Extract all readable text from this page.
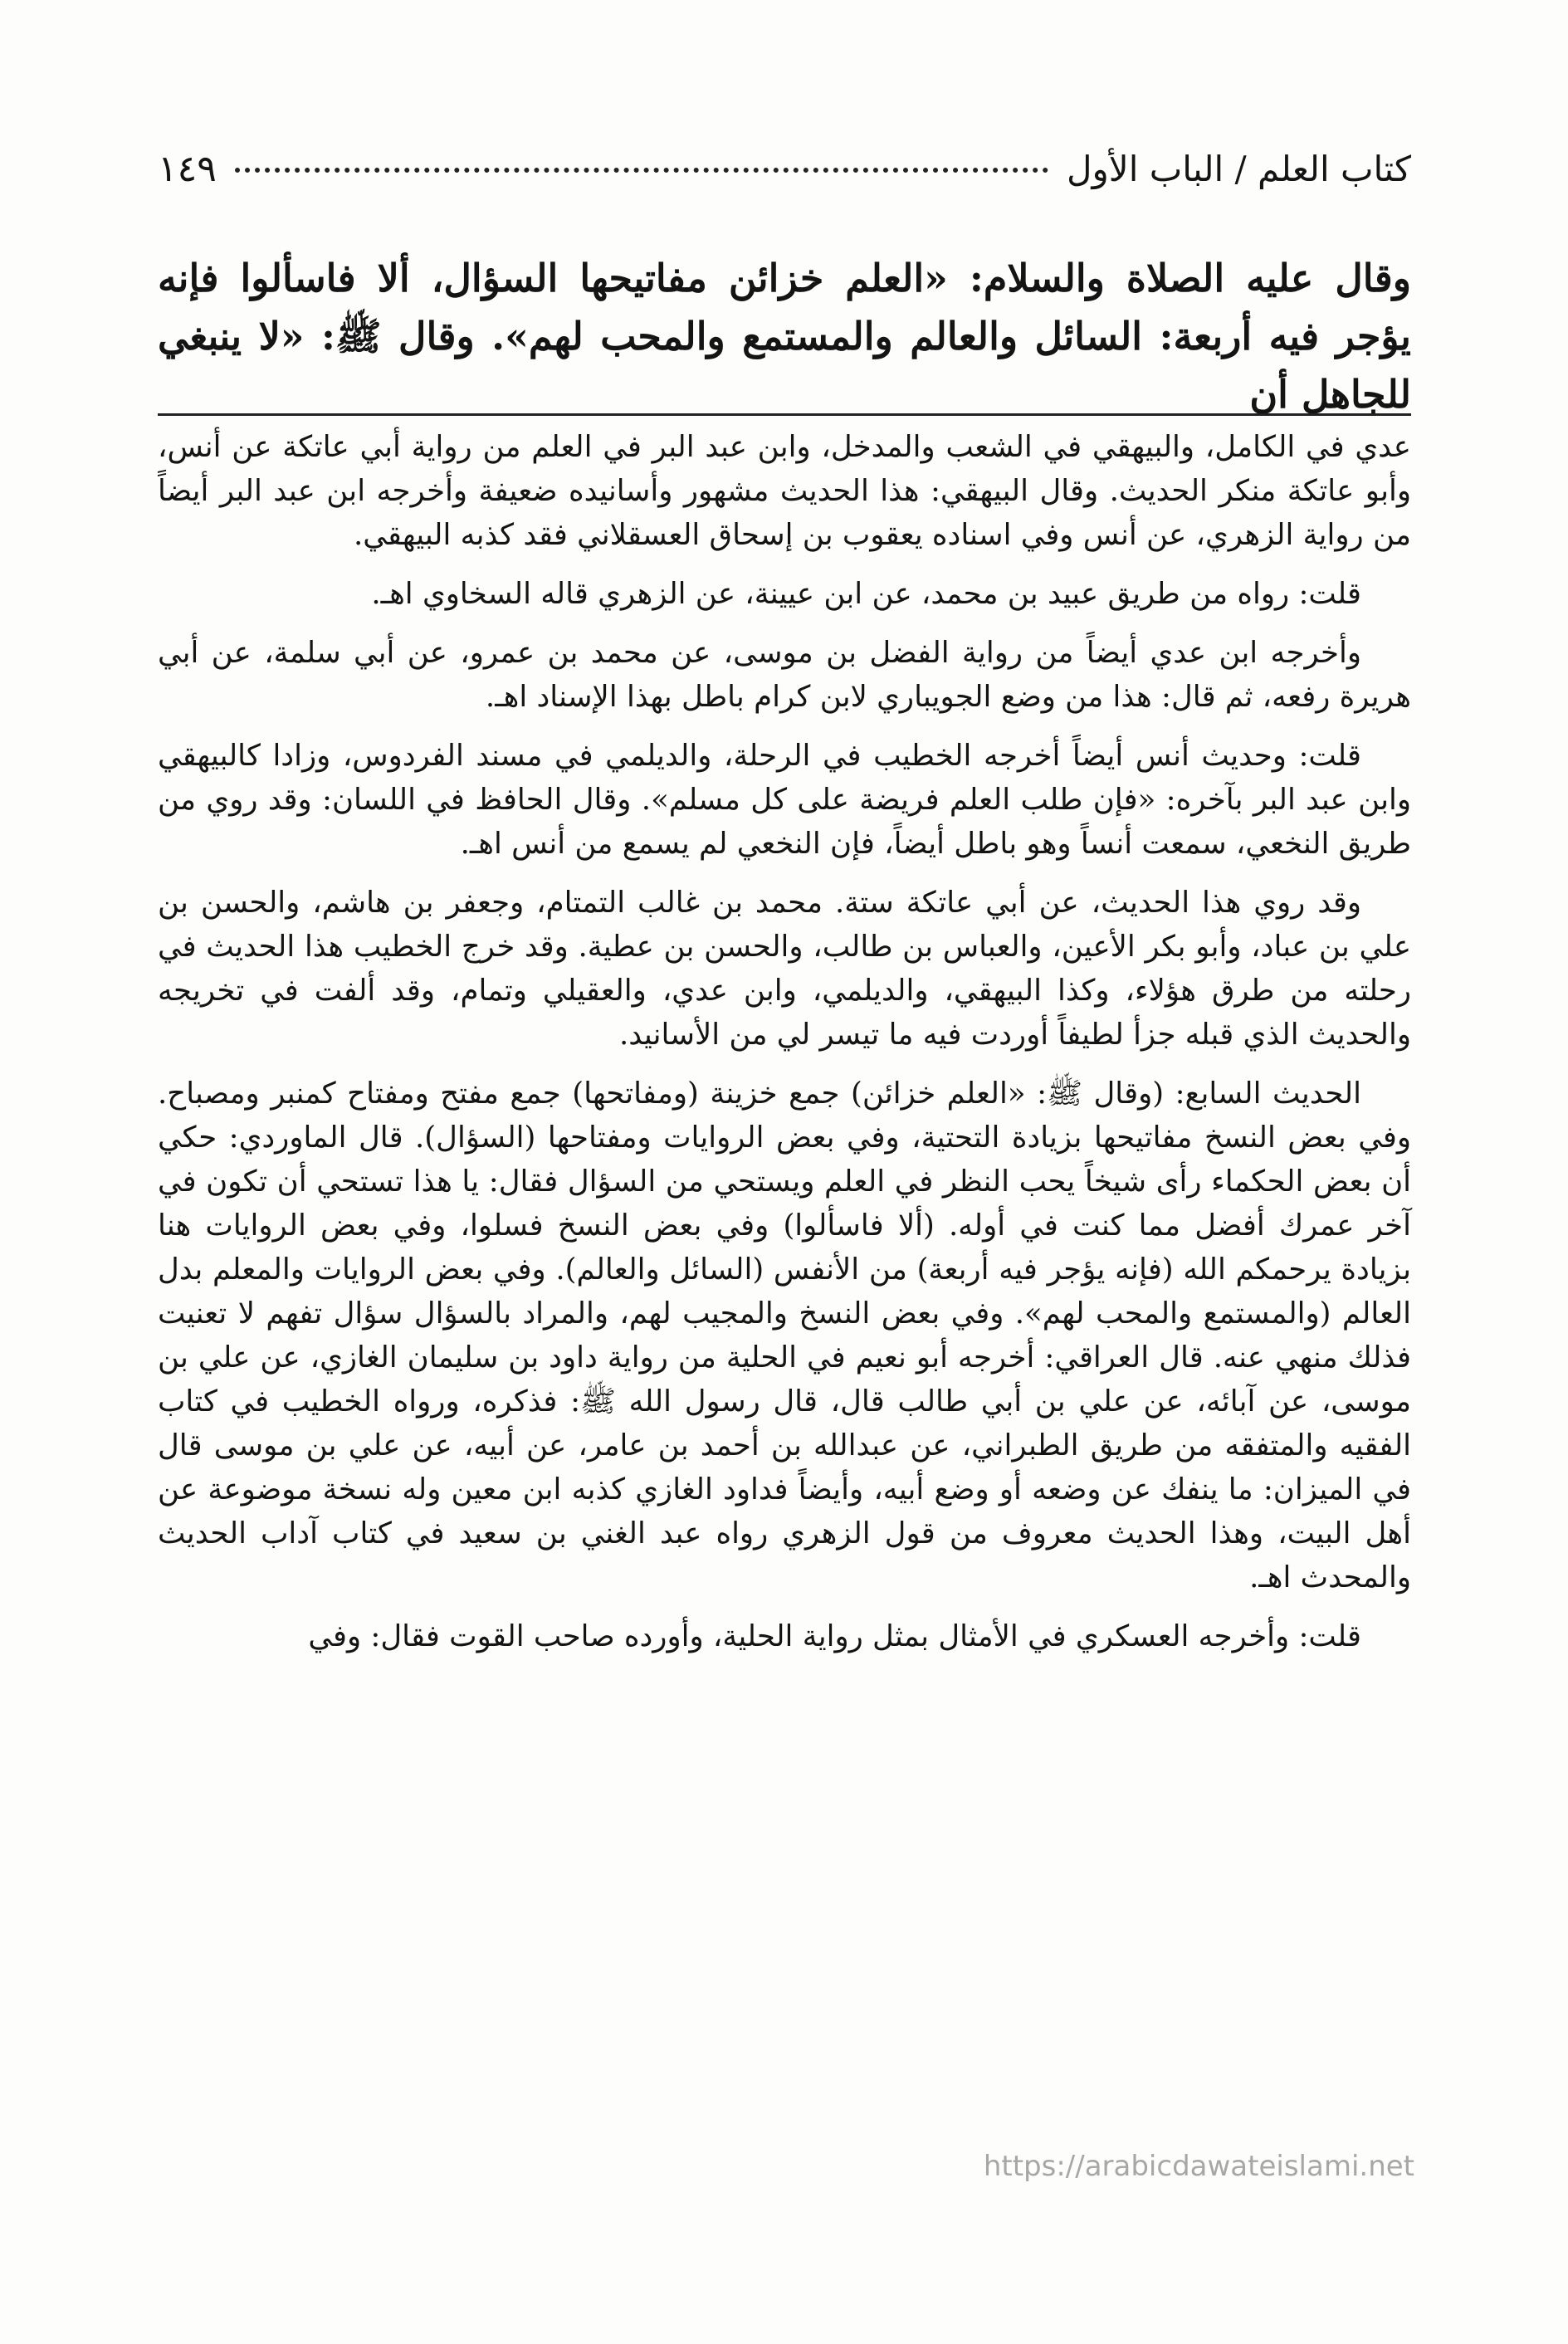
كتاب العلم / الباب الأول
١٤٩
وقال عليه الصلاة والسلام: «العلم خزائن مفاتيحها السؤال، ألا فاسألوا فإنه يؤجر فيه أربعة: السائل والعالم والمستمع والمحب لهم». وقال ﷺ: «لا ينبغي للجاهل أن

عدي في الكامل، والبيهقي في الشعب والمدخل، وابن عبد البر في العلم من رواية أبي عاتكة عن أنس، وأبو عاتكة منكر الحديث. وقال البيهقي: هذا الحديث مشهور وأسانيده ضعيفة وأخرجه ابن عبد البر أيضاً من رواية الزهري، عن أنس وفي اسناده يعقوب بن إسحاق العسقلاني فقد كذبه البيهقي.

قلت: رواه من طريق عبيد بن محمد، عن ابن عيينة، عن الزهري قاله السخاوي اهـ.

وأخرجه ابن عدي أيضاً من رواية الفضل بن موسى، عن محمد بن عمرو، عن أبي سلمة، عن أبي هريرة رفعه، ثم قال: هذا من وضع الجويباري لابن كرام باطل بهذا الإسناد اهـ.

قلت: وحديث أنس أيضاً أخرجه الخطيب في الرحلة، والديلمي في مسند الفردوس، وزادا كالبيهقي وابن عبد البر بآخره: «فإن طلب العلم فريضة على كل مسلم». وقال الحافظ في اللسان: وقد روي من طريق النخعي، سمعت أنساً وهو باطل أيضاً، فإن النخعي لم يسمع من أنس اهـ.

وقد روي هذا الحديث، عن أبي عاتكة ستة. محمد بن غالب التمتام، وجعفر بن هاشم، والحسن بن علي بن عباد، وأبو بكر الأعين، والعباس بن طالب، والحسن بن عطية. وقد خرج الخطيب هذا الحديث في رحلته من طرق هؤلاء، وكذا البيهقي، والديلمي، وابن عدي، والعقيلي وتمام، وقد ألفت في تخريجه والحديث الذي قبله جزأ لطيفاً أوردت فيه ما تيسر لي من الأسانيد.

الحديث السابع: (وقال ﷺ: «العلم خزائن) جمع خزينة (ومفاتحها) جمع مفتح ومفتاح كمنبر ومصباح. وفي بعض النسخ مفاتيحها بزيادة التحتية، وفي بعض الروايات ومفتاحها (السؤال). قال الماوردي: حكي أن بعض الحكماء رأى شيخاً يحب النظر في العلم ويستحي من السؤال فقال: يا هذا تستحي أن تكون في آخر عمرك أفضل مما كنت في أوله. (ألا فاسألوا) وفي بعض النسخ فسلوا، وفي بعض الروايات هنا بزيادة يرحمكم الله (فإنه يؤجر فيه أربعة) من الأنفس (السائل والعالم). وفي بعض الروايات والمعلم بدل العالم (والمستمع والمحب لهم». وفي بعض النسخ والمجيب لهم، والمراد بالسؤال سؤال تفهم لا تعنيت فذلك منهي عنه. قال العراقي: أخرجه أبو نعيم في الحلية من رواية داود بن سليمان الغازي، عن علي بن موسى، عن آبائه، عن علي بن أبي طالب قال، قال رسول الله ﷺ: فذكره، ورواه الخطيب في كتاب الفقيه والمتفقه من طريق الطبراني، عن عبدالله بن أحمد بن عامر، عن أبيه، عن علي بن موسى قال في الميزان: ما ينفك عن وضعه أو وضع أبيه، وأيضاً فداود الغازي كذبه ابن معين وله نسخة موضوعة عن أهل البيت، وهذا الحديث معروف من قول الزهري رواه عبد الغني بن سعيد في كتاب آداب الحديث والمحدث اهـ.

قلت: وأخرجه العسكري في الأمثال بمثل رواية الحلية، وأورده صاحب القوت فقال: وفي

https://arabicdawateislami.net
